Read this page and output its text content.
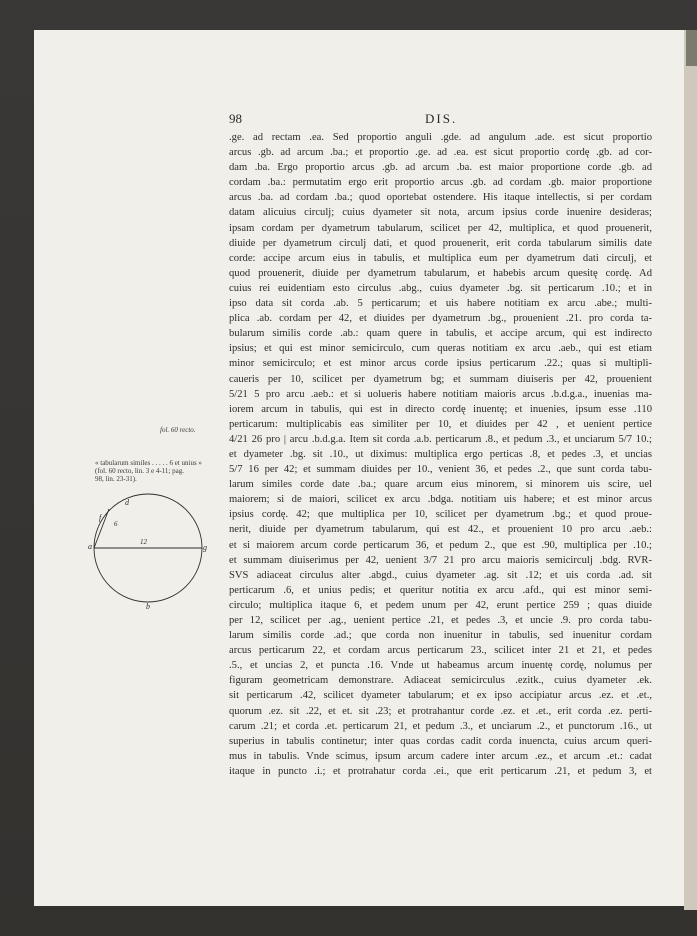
98	DIS.
fol. 60 recto.
« tabularum similes . . . . . 6 et unius »
(fol. 60 recto, lin. 3 e 4-11; pag.
98, lin. 23-31).
d
f
6
a	12
g
b
.ge. ad rectam .ea. Sed proportio anguli .gde. ad angulum .ade. est sicut proportio
arcus .gb. ad arcum .ba.; et proportio .ge. ad .ea. est sicut proportio cordę .gb. ad cor-
dam .ba. Ergo proportio arcus .gb. ad arcum .ba. est maior proportione corde .gb. ad
cordam .ba.: permutatim ergo erit proportio arcus .gb. ad cordam .gb. maior proportione
arcus .ba. ad cordam .ba.; quod oportebat ostendere. His itaque intellectis, si per cordam
datam alicuius circulj; cuius dyameter sit nota, arcum ipsius corde inuenire desideras;
ipsam cordam per dyametrum tabularum, scilicet per 42, multiplica, et quod prouenerit,
diuide per dyametrum circulj dati, et quod prouenerit, erit corda tabularum similis date
corde: accipe arcum eius in tabulis, et multiplica eum per dyametrum dati circulj, et
quod prouenerit, diuide per dyametrum tabularum, et habebis arcum quesitę cordę. Ad
cuius rei euidentiam esto circulus .abg., cuius dyameter .bg. sit perticarum .10.; et in
ipso data sit corda .ab. 5 perticarum; et uis habere notitiam ex arcu .abe.; multi-
plica .ab. cordam per 42, et diuides per dyametrum .bg., prouenient .21. pro corda ta-
bularum similis corde .ab.: quam quere in tabulis, et accipe arcum, qui est indirecto
ipsius; et qui est minor semicirculo, cum queras notitiam ex arcu .aeb., qui est etiam
minor semicirculo; et est minor arcus corde ipsius perticarum .22.; quas si multipli-
caueris per 10, scilicet per dyametrum bg; et summam diuiseris per 42, prouenient
5/21 5 pro arcu .aeb.: et si uolueris habere notitiam maioris arcus .b.d.g.a., inuenias ma-
iorem arcum in tabulis, qui est in directo cordę inuentę; et inuenies, ipsum esse .110
perticarum: multiplicabis eas similiter per 10, et diuides per 42 , et uenient pertice
4/21 26 pro | arcu .b.d.g.a. Item sit corda .a.b. perticarum .8., et pedum .3., et unciarum 5/7 10.;
et dyameter .bg. sit .10., ut diximus: multiplica ergo perticas .8, et pedes .3, et uncias
5/7 16 per 42; et summam diuides per 10., venient 36, et pedes .2., que sunt corda tabu-
larum similes corde date .ba.; quare arcum eius minorem, si minorem uis scire, uel
maiorem; si de maiori, scilicet ex arcu .bdga. notitiam uis habere; et est minor arcus
ipsius cordę. 42; que multiplica per 10, scilicet per dyametrum .bg.; et quod proue-
nerit, diuide per dyametrum tabularum, qui est 42., et prouenient 10 pro arcu .aeb.:
et si maiorem arcum corde perticarum 36, et pedum 2., que est .90, multiplica per .10.;
et summam diuiserimus per 42, uenient 3/7 21 pro arcu maioris semicirculj .bdg. RVR-
SVS adiaceat circulus alter .abgd., cuius dyameter .ag. sit .12; et uis corda .ad. sit
perticarum .6, et unius pedis; et queritur notitia ex arcu .afd., qui est minor semi-
circulo; multiplica itaque 6, et pedem unum per 42, erunt pertice 259 ; quas diuide
per 12, scilicet per .ag., uenient pertice .21, et pedes .3, et uncie .9. pro corda tabu-
larum similis corde .ad.; que corda non inuenitur in tabulis, sed inuenitur cordam
arcus perticarum 22, et cordam arcus perticarum 23., scilicet inter 21 et 21, et pedes
.5., et uncias 2, et puncta .16. Vnde ut habeamus arcum inuentę cordę, nolumus per
figuram geometricam demonstrare. Adiaceat semicirculus .ezitk., cuius dyameter .ek.
sit perticarum .42, scilicet dyameter tabularum; et ex ipso accipiatur arcus .ez. et .et.,
quorum .ez. sit .22, et et. sit .23; et protrahantur corde .ez. et .et., erit corda .ez. perti-
carum .21; et corda .et. perticarum 21, et pedum .3., et unciarum .2., et punctorum .16., ut
superius in tabulis continetur; inter quas cordas cadit corda inuencta, cuius arcum queri-
mus in tabulis. Vnde scimus, ipsum arcum cadere inter arcum .ez., et arcum .et.: cadat
itaque in puncto .i.; et protrahatur corda .ei., que erit perticarum .21, et pedum 3, et
